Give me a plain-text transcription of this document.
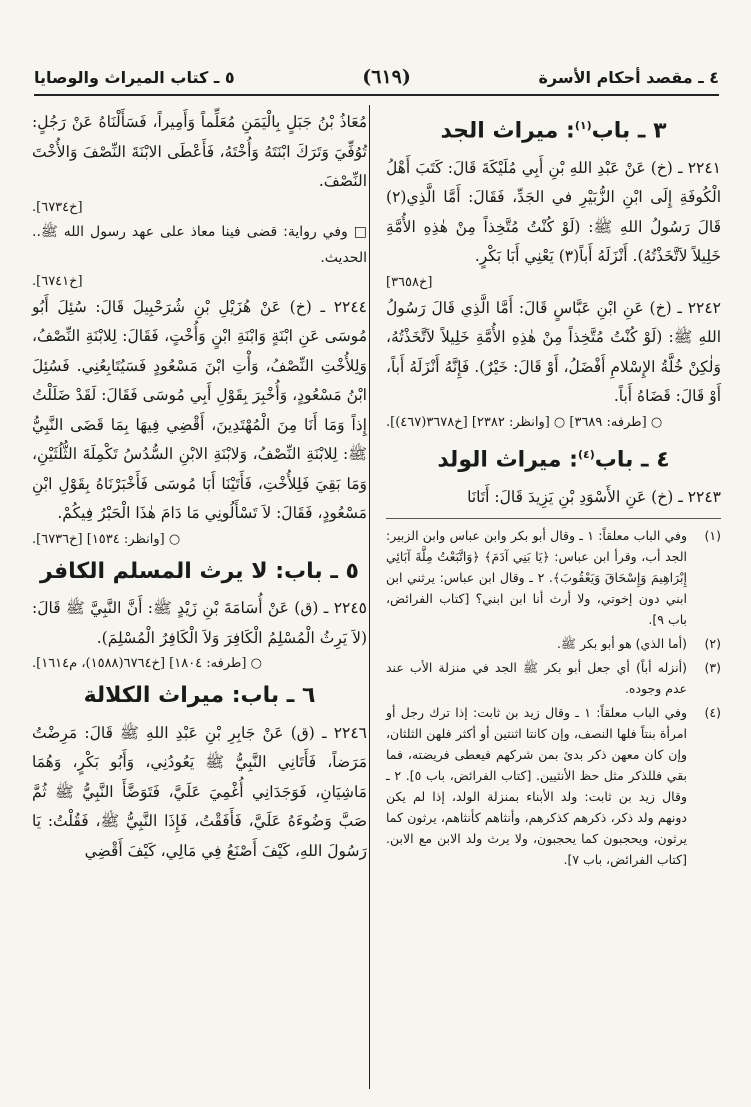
٤ ـ مقصد أحكام الأسرة
(٦١٩)
٥ ـ كتاب الميراث والوصايا
٣ ـ باب$^{(١)}$: ميراث الجد

٢٢٤١ ـ (خ) عَنْ عَبْدِ اللهِ بْنِ أَبِي مُلَيْكَةَ قَالَ: كَتَبَ أَهْلُ الْكُوفَةِ إِلَى ابْنِ الزُّبَيْرِ في الجَدِّ، فَقَالَ: أَمَّا الَّذِي(٢) قَالَ رَسُولُ اللهِ ﷺ: (لَوْ كُنْتُ مُتَّخِذاً مِنْ هٰذِهِ الأُمَّةِ خَلِيلاً لاَتَّخَذْتُهُ). أَنْزَلَهُ أَباً(٣) يَعْنِي أَبَا بَكْرٍ.

[خ٣٦٥٨]

٢٢٤٢ ـ (خ) عَنِ ابْنِ عَبَّاسٍ قَالَ: أَمَّا الَّذِي قَالَ رَسُولُ اللهِ ﷺ: (لَوْ كُنْتُ مُتَّخِذاً مِنْ هٰذِهِ الأُمَّةِ خَلِيلاً لاَتَّخَذْتُهُ، وَلٰكِنْ خُلَّةُ الإِسْلامِ أَفْضَلُ، أَوْ قَالَ: خَيْرٌ). فَإِنَّهُ أَنْزَلَهُ أَباً، أَوْ قَالَ: قَضَاهُ أَباً.

○ [طرفه: ٣٦٨٩] ○ [وانظر: ٢٣٨٢] [خ٣٦٧٨(٤٦٧)].
٤ ـ باب$^{(٤)}$: ميراث الولد

٢٢٤٣ ـ (خ) عَنِ الأَسْوَدِ بْنِ يَزِيدَ قَالَ: أَتَانَا

(١)
وفي الباب معلقاً: ١ ـ وقال أبو بكر وابن عباس وابن الزبير: الجد أب، وقرأ ابن عباس: ﴿يَا بَنِي آدَمَ﴾ ﴿وَاتَّبَعْتُ مِلَّةَ آبَائِي إِبْرَاهِيمَ وَإِسْحَاقَ وَيَعْقُوبَ﴾. ٢ ـ وقال ابن عباس: يرثني ابن ابني دون إخوتي، ولا أرث أنا ابن ابني؟ [كتاب الفرائض، باب ٩].
(٢)
(أما الذي) هو أبو بكر ﷺ.
(٣)
(أنزله أباً) أي جعل أبو بكر ﷺ الجد في منزلة الأب عند عدم وجوده.
(٤)
وفي الباب معلقاً: ١ ـ وقال زيد بن ثابت: إذا ترك رجل أو امرأة بنتاً فلها النصف، وإن كانتا اثنتين أو أكثر فلهن الثلثان، وإن كان معهن ذكر بدئ بمن شركهم فيعطى فريضته، فما بقي فللذكر مثل حظ الأنثيين. [كتاب الفرائض، باب ٥]. ٢ ـ وقال زيد بن ثابت: ولد الأبناء بمنزلة الولد، إذا لم يكن دونهم ولد ذكر، ذكرهم كذكرهم، وأنثاهم كأنثاهم، يرثون كما يرثون، ويحجبون كما يحجبون، ولا يرث ولد الابن مع الابن. [كتاب الفرائض، باب ٧].

مُعَاذُ بْنُ جَبَلٍ بِالْيَمَنِ مُعَلِّماً وَأَمِيراً، فَسَأَلْنَاهُ عَنْ رَجُلٍ: تُوُفِّيَ وَتَرَكَ ابْنَتَهُ وَأُخْتَهُ، فَأَعْطَى الابْنَةَ النِّصْفَ وَالأُخْتَ النِّصْفَ.

[خ٦٧٣٤].

□ وفي رواية: قضى فينا معاذ على عهد رسول الله ﷺ.. الحديث.

[خ٦٧٤١].

٢٢٤٤ ـ (خ) عَنْ هُزَيْلِ بْنِ شُرَحْبِيلَ قَالَ: سُئِلَ أَبُو مُوسَى عَنِ ابْنَةٍ وَابْنَةِ ابْنٍ وَأُخْتٍ، فَقَالَ: لِلابْنَةِ النِّصْفُ، وَلِلأُخْتِ النِّصْفُ، وَأْتِ ابْنَ مَسْعُودٍ فَسَيُتَابِعُنِي. فَسُئِلَ ابْنُ مَسْعُودٍ، وَأُخْبِرَ بِقَوْلِ أَبِي مُوسَى فَقَالَ: لَقَدْ ضَلَلْتُ إِذاً وَمَا أَنَا مِنَ الْمُهْتَدِينَ، أَقْضِي فِيهَا بِمَا قَضَى النَّبِيُّ ﷺ: لِلابْنَةِ النِّصْفُ، وَلابْنَةِ الابْنِ السُّدُسُ تَكْمِلَةَ الثُّلُثَيْنِ، وَمَا بَقِيَ فَلِلأُخْتِ، فَأَتَيْنَا أَبَا مُوسَى فَأَخْبَرْنَاهُ بِقَوْلِ ابْنِ مَسْعُودٍ، فَقَالَ: لاَ تَسْأَلُونِي مَا دَامَ هٰذَا الْحَبْرُ فِيكُمْ.

○ [وانظر: ١٥٣٤] [خ٦٧٣٦].
٥ ـ باب: لا يرث المسلم الكافر

٢٢٤٥ ـ (ق) عَنْ أُسَامَةَ بْنِ زَيْدٍ ﷺ: أَنَّ النَّبِيَّ ﷺ قَالَ: (لاَ يَرِثُ الْمُسْلِمُ الْكَافِرَ وَلاَ الْكَافِرُ الْمُسْلِمَ).

○ [طرفه: ١٨٠٤] [خ٦٧٦٤(١٥٨٨)، م١٦١٤].
٦ ـ باب: ميراث الكلالة

٢٢٤٦ ـ (ق) عَنْ جَابِرِ بْنِ عَبْدِ اللهِ ﷺ قَالَ: مَرِضْتُ مَرَضاً، فَأَتَانِي النَّبِيُّ ﷺ يَعُودُنِي، وَأَبُو بَكْرٍ، وَهُمَا مَاشِيَانِ، فَوَجَدَانِي أُغْمِيَ عَلَيَّ، فَتَوَضَّأَ النَّبِيُّ ﷺ ثُمَّ صَبَّ وَضُوءَهُ عَلَيَّ، فَأَفَقْتُ، فَإِذَا النَّبِيُّ ﷺ، فَقُلْتُ: يَا رَسُولَ اللهِ، كَيْفَ أَصْنَعُ فِي مَالِي، كَيْفَ أَقْضِي
